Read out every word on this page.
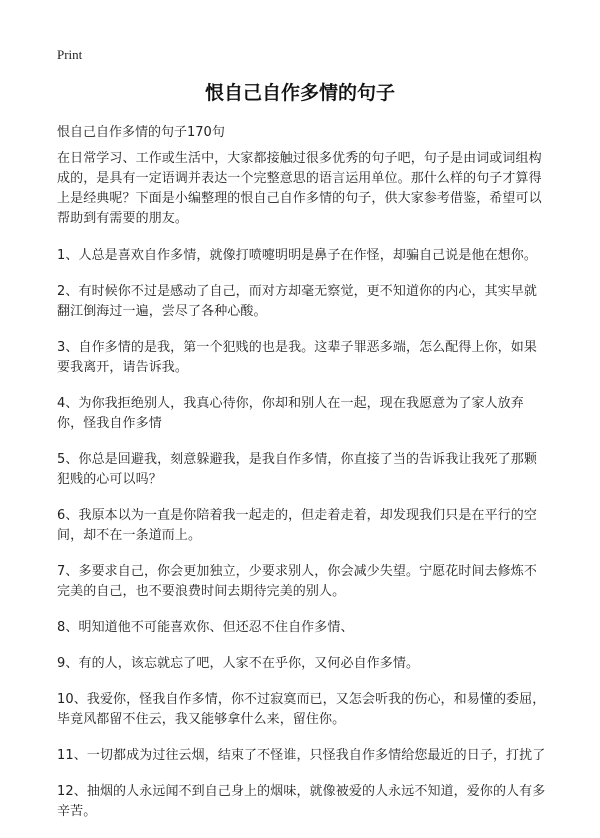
Print
恨自己自作多情的句子

恨自己自作多情的句子170句

在日常学习、工作或生活中，大家都接触过很多优秀的句子吧，句子是由词或词组构成的，是具有一定语调并表达一个完整意思的语言运用单位。那什么样的句子才算得上是经典呢？下面是小编整理的恨自己自作多情的句子，供大家参考借鉴，希望可以帮助到有需要的朋友。

1、人总是喜欢自作多情，就像打喷嚏明明是鼻子在作怪，却骗自己说是他在想你。

2、有时候你不过是感动了自己，而对方却毫无察觉，更不知道你的内心，其实早就翻江倒海过一遍，尝尽了各种心酸。

3、自作多情的是我，第一个犯贱的也是我。这辈子罪恶多端，怎么配得上你，如果要我离开，请告诉我。

4、为你我拒绝别人，我真心待你，你却和别人在一起，现在我愿意为了家人放弃你，怪我自作多情

5、你总是回避我，刻意躲避我，是我自作多情，你直接了当的告诉我让我死了那颗犯贱的心可以吗？

6、我原本以为一直是你陪着我一起走的，但走着走着，却发现我们只是在平行的空间，却不在一条道而上。

7、多要求自己，你会更加独立，少要求别人，你会减少失望。宁愿花时间去修炼不完美的自己，也不要浪费时间去期待完美的别人。

8、明知道他不可能喜欢你、但还忍不住自作多情、

9、有的人，该忘就忘了吧，人家不在乎你，又何必自作多情。

10、我爱你，怪我自作多情，你不过寂寞而已，又怎会听我的伤心，和易懂的委屈，毕竟风都留不住云，我又能够拿什么来，留住你。

11、一切都成为过往云烟，结束了不怪谁，只怪我自作多情给您最近的日子，打扰了

12、抽烟的人永远闻不到自己身上的烟味，就像被爱的人永远不知道，爱你的人有多辛苦。
